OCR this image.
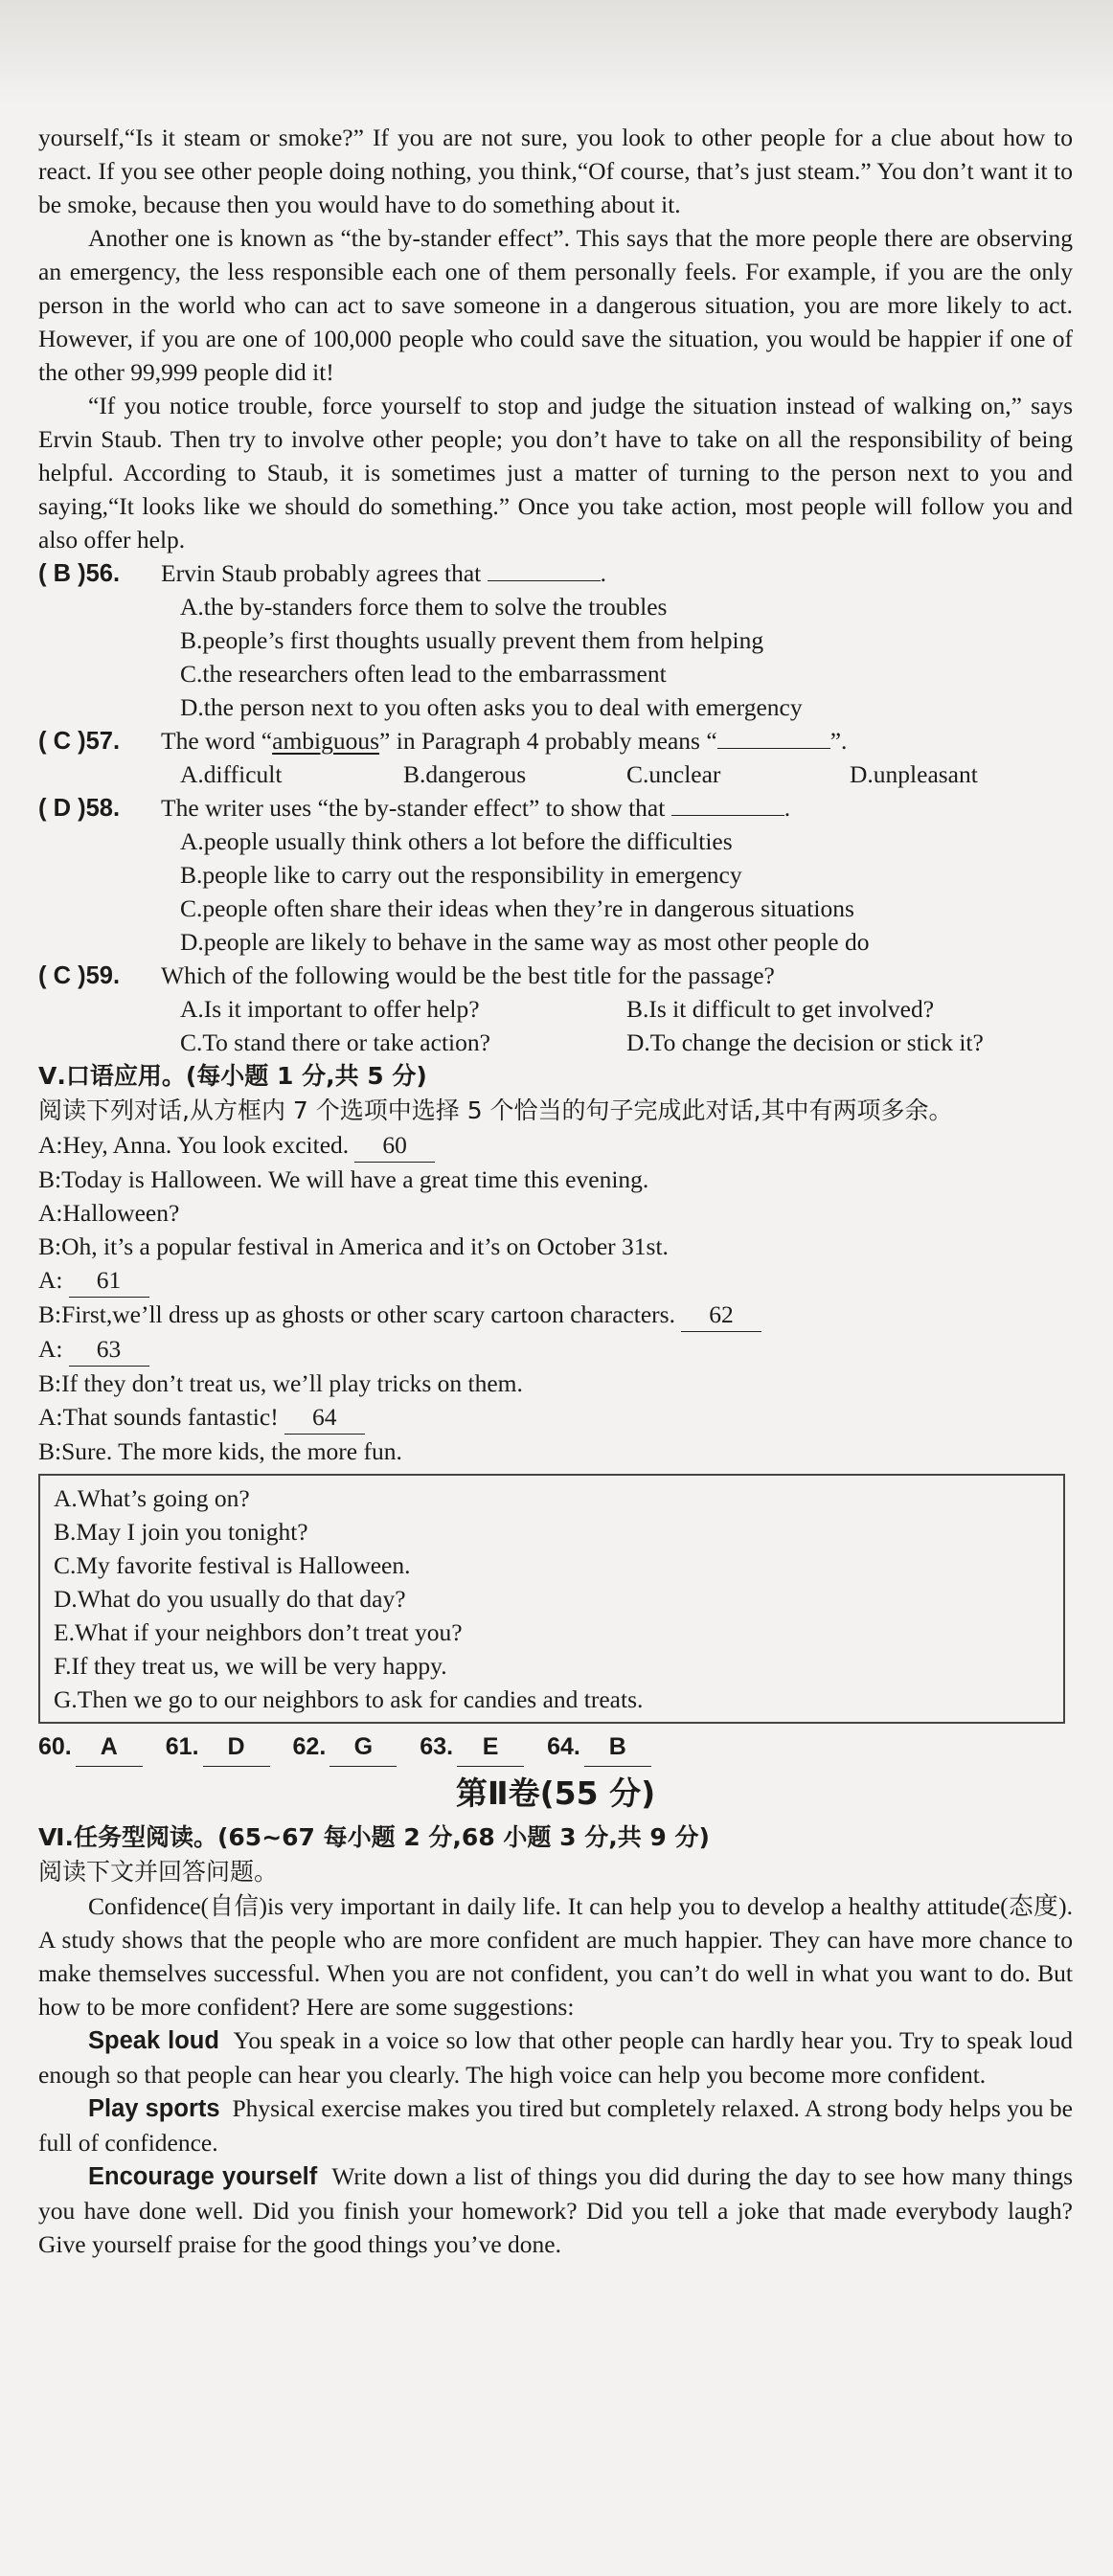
yourself,“Is it steam or smoke?” If you are not sure, you look to other people for a clue about how to react. If you see other people doing nothing, you think,“Of course, that’s just steam.” You don’t want it to be smoke, because then you would have to do something about it.

Another one is known as “the by-stander effect”. This says that the more people there are observing an emergency, the less responsible each one of them personally feels. For example, if you are the only person in the world who can act to save someone in a dangerous situation, you are more likely to act. However, if you are one of 100,000 people who could save the situation, you would be happier if one of the other 99,999 people did it!

“If you notice trouble, force yourself to stop and judge the situation instead of walking on,” says Ervin Staub. Then try to involve other people; you don’t have to take on all the responsibility of being helpful. According to Staub, it is sometimes just a matter of turning to the person next to you and saying,“It looks like we should do something.” Once you take action, most people will follow you and also offer help.

( B )56.	Ervin Staub probably agrees that	.
A.the by-standers force them to solve the troubles
B.people’s first thoughts usually prevent them from helping
C.the researchers often lead to the embarrassment
D.the person next to you often asks you to deal with emergency
( C )57.	The word “ambiguous” in Paragraph 4 probably means “	”.
A.difficult	B.dangerous	C.unclear	D.unpleasant
( D )58.	The writer uses “the by-stander effect” to show that	.
A.people usually think others a lot before the difficulties
B.people like to carry out the responsibility in emergency
C.people often share their ideas when they’re in dangerous situations
D.people are likely to behave in the same way as most other people do
( C )59.	Which of the following would be the best title for the passage?
A.Is it important to offer help?	B.Is it difficult to get involved?
C.To stand there or take action?	D.To change the decision or stick it?

Ⅴ.口语应用。(每小题 1 分,共 5 分)

阅读下列对话,从方框内 7 个选项中选择 5 个恰当的句子完成此对话,其中有两项多余。

A:Hey, Anna. You look excited. 60
B:Today is Halloween. We will have a great time this evening.
A:Halloween?
B:Oh, it’s a popular festival in America and it’s on October 31st.
A: 61
B:First,we’ll dress up as ghosts or other scary cartoon characters. 62
A: 63
B:If they don’t treat us, we’ll play tricks on them.
A:That sounds fantastic! 64
B:Sure. The more kids, the more fun.
A.What’s going on?
B.May I join you tonight?
C.My favorite festival is Halloween.
D.What do you usually do that day?
E.What if your neighbors don’t treat you?
F.If they treat us, we will be very happy.
G.Then we go to our neighbors to ask for candies and treats.
60. A	61. D	62. G	63. E	64. B
第Ⅱ卷(55 分)

Ⅵ.任务型阅读。(65~67 每小题 2 分,68 小题 3 分,共 9 分)

阅读下文并回答问题。

Confidence(自信)is very important in daily life. It can help you to develop a healthy attitude(态度). A study shows that the people who are more confident are much happier. They can have more chance to make themselves successful. When you are not confident, you can’t do well in what you want to do. But how to be more confident? Here are some suggestions:

Speak loud You speak in a voice so low that other people can hardly hear you. Try to speak loud enough so that people can hear you clearly. The high voice can help you become more confident.

Play sports Physical exercise makes you tired but completely relaxed. A strong body helps you be full of confidence.

Encourage yourself Write down a list of things you did during the day to see how many things you have done well. Did you finish your homework? Did you tell a joke that made everybody laugh? Give yourself praise for the good things you’ve done.
